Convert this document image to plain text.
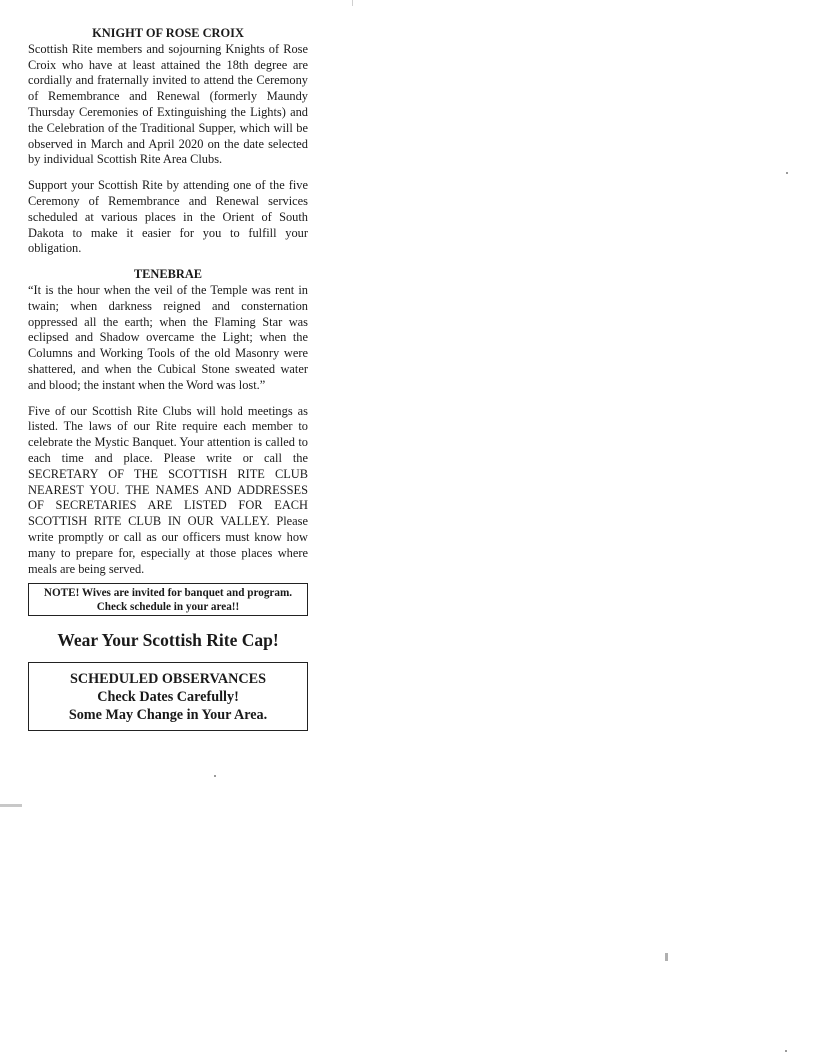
KNIGHT OF ROSE CROIX

Scottish Rite members and sojourning Knights of Rose Croix who have at least attained the 18th degree are cordially and fraternally invited to attend the Ceremony of Remembrance and Renewal (formerly Maundy Thursday Ceremonies of Extinguishing the Lights) and the Celebration of the Traditional Supper, which will be observed in March and April 2020 on the date selected by individual Scottish Rite Area Clubs.

Support your Scottish Rite by attending one of the five Ceremony of Remembrance and Renewal services scheduled at various places in the Orient of South Dakota to make it easier for you to fulfill your obligation.

TENEBRAE

“It is the hour when the veil of the Temple was rent in twain; when darkness reigned and consternation oppressed all the earth; when the Flaming Star was eclipsed and Shadow overcame the Light; when the Columns and Working Tools of the old Masonry were shattered, and when the Cubical Stone sweated water and blood; the instant when the Word was lost.”

Five of our Scottish Rite Clubs will hold meetings as listed. The laws of our Rite require each member to celebrate the Mystic Banquet. Your attention is called to each time and place. Please write or call the SECRETARY OF THE SCOTTISH RITE CLUB NEAREST YOU. THE NAMES AND ADDRESSES OF SECRETARIES ARE LISTED FOR EACH SCOTTISH RITE CLUB IN OUR VALLEY. Please write promptly or call as our officers must know how many to prepare for, especially at those places where meals are being served.

NOTE! Wives are invited for banquet and program.
Check schedule in your area!!
Wear Your Scottish Rite Cap!
SCHEDULED OBSERVANCES
Check Dates Carefully!
Some May Change in Your Area.
